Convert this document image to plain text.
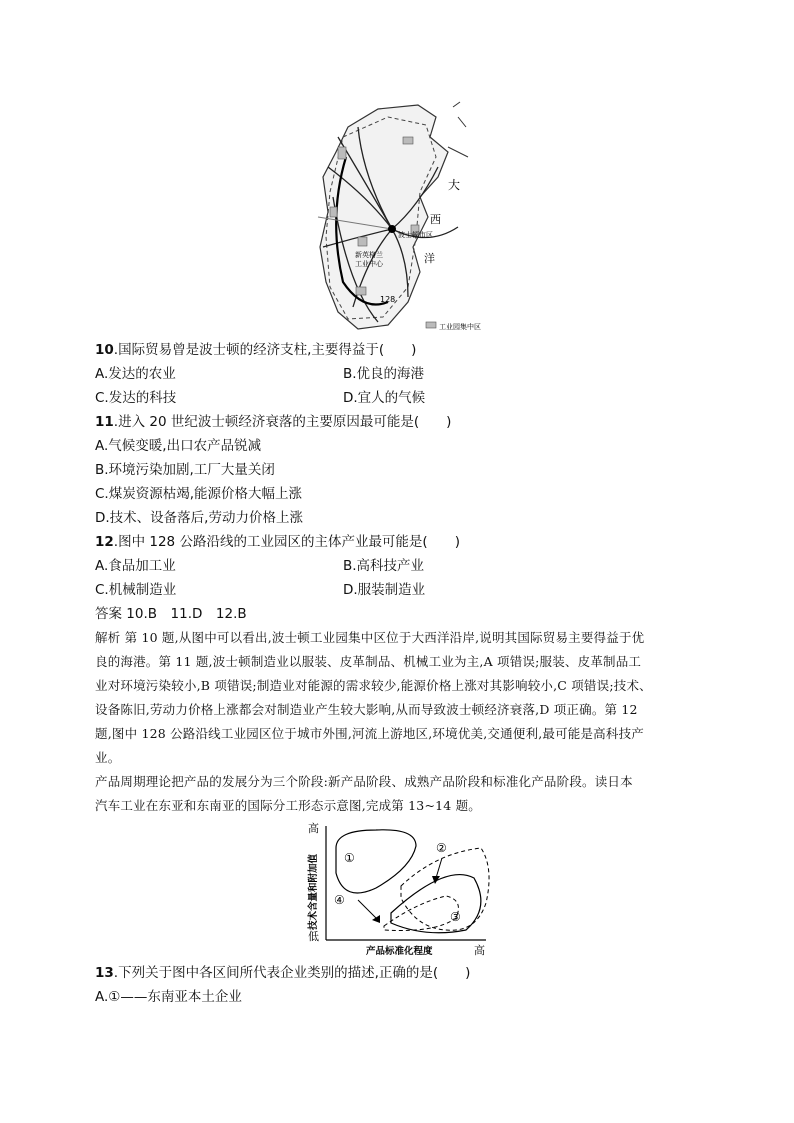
大
西
洋
波士顿市区
新英格兰
工业中心
128
工业园集中区
10.国际贸易曾是波士顿的经济支柱,主要得益于(　　)
A.发达的农业	B.优良的海港
C.发达的科技	D.宜人的气候
11.进入 20 世纪波士顿经济衰落的主要原因最可能是(　　)
A.气候变暖,出口农产品锐减
B.环境污染加剧,工厂大量关闭
C.煤炭资源枯竭,能源价格大幅上涨
D.技术、设备落后,劳动力价格上涨
12.图中 128 公路沿线的工业园区的主体产业最可能是(　　)
A.食品加工业	B.高科技产业
C.机械制造业	D.服装制造业
答案 10.B　11.D　12.B
解析 第 10 题,从图中可以看出,波士顿工业园集中区位于大西洋沿岸,说明其国际贸易主要得益于优
良的海港。第 11 题,波士顿制造业以服装、皮革制品、机械工业为主,A 项错误;服装、皮革制品工
业对环境污染较小,B 项错误;制造业对能源的需求较少,能源价格上涨对其影响较小,C 项错误;技术、
设备陈旧,劳动力价格上涨都会对制造业产生较大影响,从而导致波士顿经济衰落,D 项正确。第 12
题,图中 128 公路沿线工业园区位于城市外围,河流上游地区,环境优美,交通便利,最可能是高科技产
业。
产品周期理论把产品的发展分为三个阶段:新产品阶段、成熟产品阶段和标准化产品阶段。读日本
汽车工业在东亚和东南亚的国际分工形态示意图,完成第 13~14 题。
高
低
技术含量和附加值
产品标准化程度	高
①
②
③
④
13.下列关于图中各区间所代表企业类别的描述,正确的是(　　)
A.①——东南亚本土企业
